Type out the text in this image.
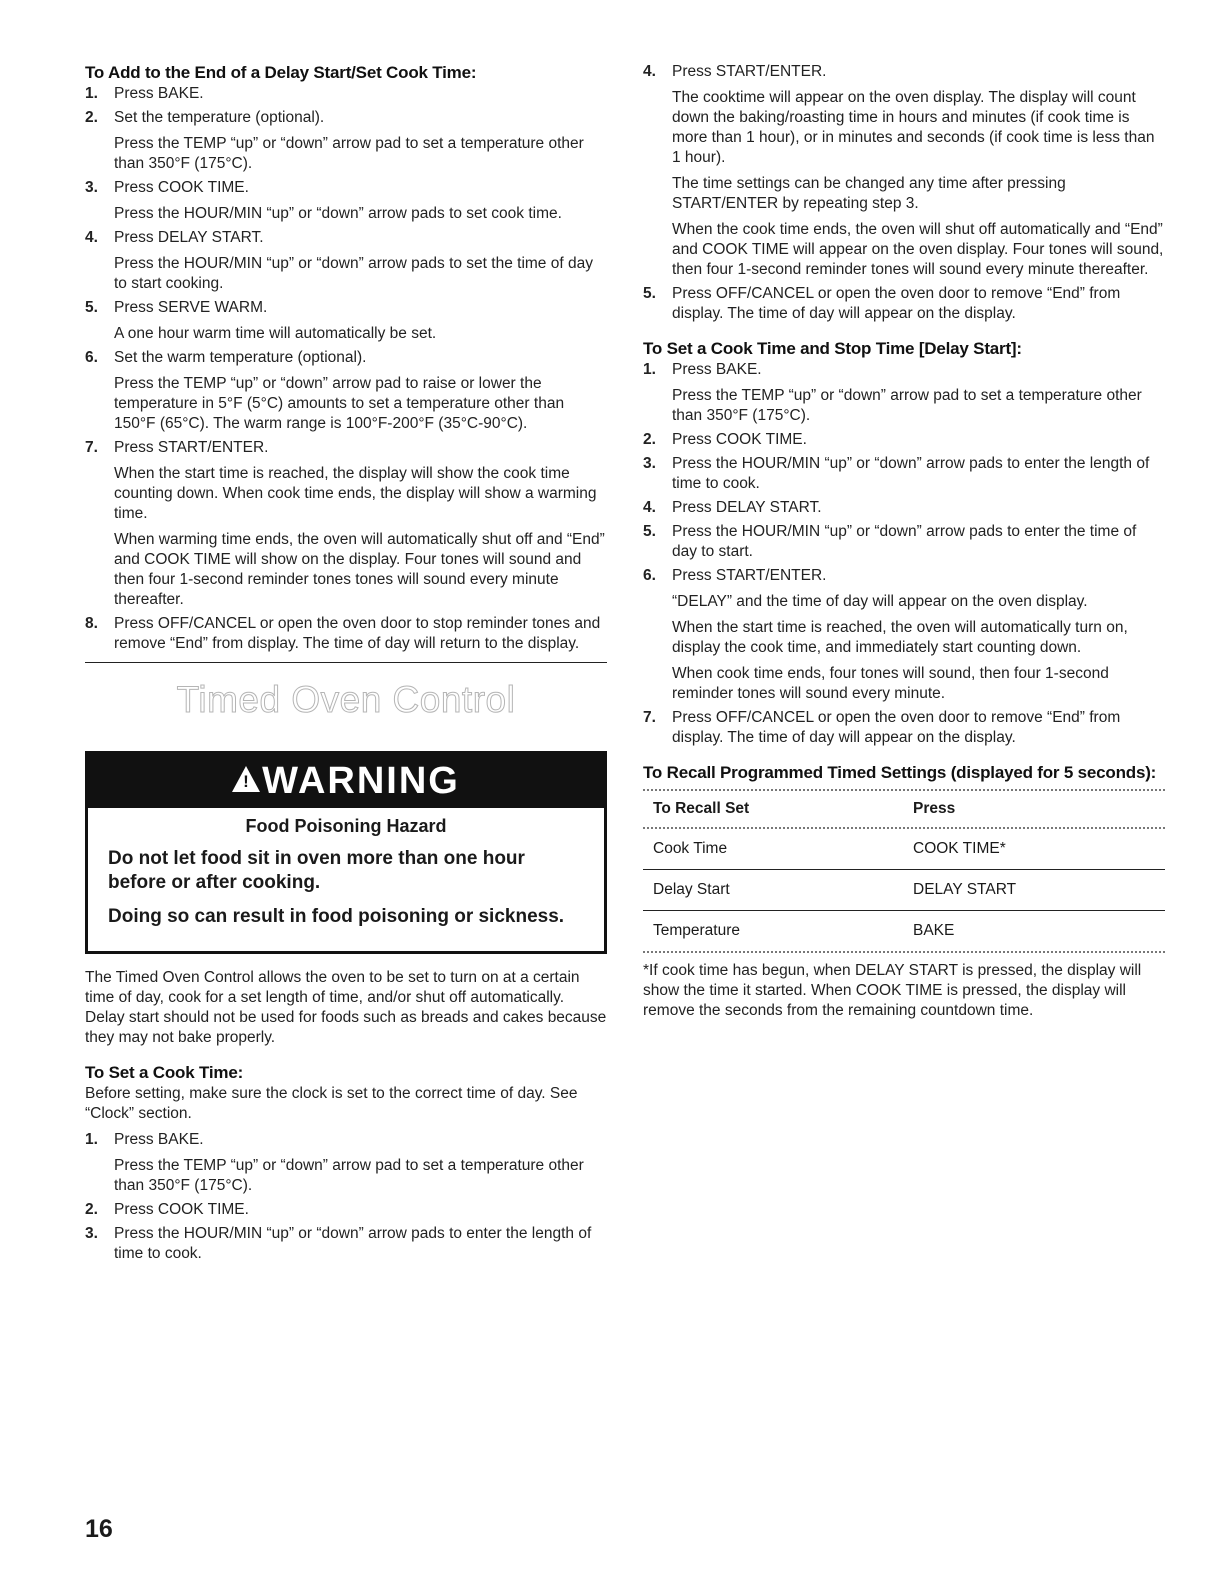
To Add to the End of a Delay Start/Set Cook Time:

1. Press BAKE.

2. Set the temperature (optional).

Press the TEMP “up” or “down” arrow pad to set a temperature other than 350°F (175°C).

3. Press COOK TIME.

Press the HOUR/MIN “up” or “down” arrow pads to set cook time.

4. Press DELAY START.

Press the HOUR/MIN “up” or “down” arrow pads to set the time of day to start cooking.

5. Press SERVE WARM.

A one hour warm time will automatically be set.

6. Set the warm temperature (optional).

Press the TEMP “up” or “down” arrow pad to raise or lower the temperature in 5°F (5°C) amounts to set a temperature other than 150°F (65°C). The warm range is 100°F-200°F (35°C-90°C).

7. Press START/ENTER.

When the start time is reached, the display will show the cook time counting down. When cook time ends, the display will show a warming time.

When warming time ends, the oven will automatically shut off and “End” and COOK TIME will show on the display. Four tones will sound and then four 1-second reminder tones tones will sound every minute thereafter.

8. Press OFF/CANCEL or open the oven door to stop reminder tones and remove “End” from display. The time of day will return to the display.

Timed Oven Control
! WARNING

Food Poisoning Hazard

Do not let food sit in oven more than one hour before or after cooking.

Doing so can result in food poisoning or sickness.

The Timed Oven Control allows the oven to be set to turn on at a certain time of day, cook for a set length of time, and/or shut off automatically. Delay start should not be used for foods such as breads and cakes because they may not bake properly.

To Set a Cook Time:

Before setting, make sure the clock is set to the correct time of day. See “Clock” section.

1. Press BAKE.

Press the TEMP “up” or “down” arrow pad to set a temperature other than 350°F (175°C).

2. Press COOK TIME.

3. Press the HOUR/MIN “up” or “down” arrow pads to enter the length of time to cook.

4. Press START/ENTER.

The cooktime will appear on the oven display. The display will count down the baking/roasting time in hours and minutes (if cook time is more than 1 hour), or in minutes and seconds (if cook time is less than 1 hour).

The time settings can be changed any time after pressing START/ENTER by repeating step 3.

When the cook time ends, the oven will shut off automatically and “End” and COOK TIME will appear on the oven display. Four tones will sound, then four 1-second reminder tones will sound every minute thereafter.

5. Press OFF/CANCEL or open the oven door to remove “End” from display. The time of day will appear on the display.

To Set a Cook Time and Stop Time [Delay Start]:

1. Press BAKE.

Press the TEMP “up” or “down” arrow pad to set a temperature other than 350°F (175°C).

2. Press COOK TIME.

3. Press the HOUR/MIN “up” or “down” arrow pads to enter the length of time to cook.

4. Press DELAY START.

5. Press the HOUR/MIN “up” or “down” arrow pads to enter the time of day to start.

6. Press START/ENTER.

“DELAY” and the time of day will appear on the oven display.

When the start time is reached, the oven will automatically turn on, display the cook time, and immediately start counting down.

When cook time ends, four tones will sound, then four 1-second reminder tones will sound every minute.

7. Press OFF/CANCEL or open the oven door to remove “End” from display. The time of day will appear on the display.

To Recall Programmed Timed Settings (displayed for 5 seconds):

To Recall Set	Press
Cook Time	COOK TIME*
Delay Start	DELAY START
Temperature	BAKE

*If cook time has begun, when DELAY START is pressed, the display will show the time it started. When COOK TIME is pressed, the display will remove the seconds from the remaining countdown time.

16
